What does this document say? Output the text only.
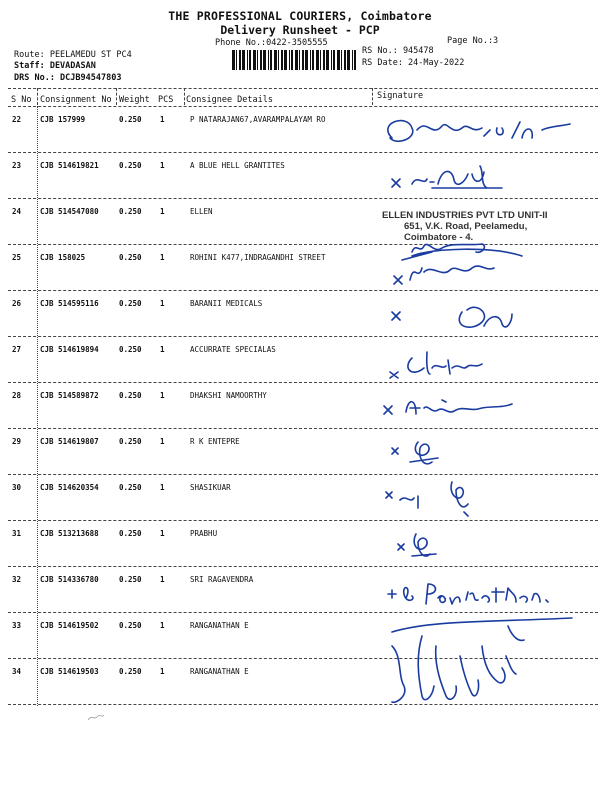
THE PROFESSIONAL COURIERS, Coimbatore
Delivery Runsheet - PCP
Phone No.:0422-3505555	Page No.:3
Route: PEELAMEDU ST PC4
Staff: DEVADASAN
DRS No.: DCJB94547803
RS No.: 945478
RS Date: 24-May-2022
S No Consignment No Weight PCS Consignee Details	Signature
22	CJB 157999	0.250 1	P NATARAJAN67,AVARAMPALAYAM RO
23	CJB 514619821	0.250 1	A BLUE HELL GRANTITES
24	CJB 514547080	0.250 1	ELLEN
25	CJB 158025	0.250 1	ROHINI K477,INDRAGANDHI STREET
26	CJB 514595116	0.250 1	BARANII MEDICALS
27	CJB 514619894	0.250 1	ACCURRATE SPECIALAS
28	CJB 514589872	0.250 1	DHAKSHI NAMOORTHY
29	CJB 514619807	0.250 1	R K ENTEPRE
30	CJB 514620354	0.250 1	SHASIKUAR
31	CJB 513213688	0.250 1	PRABHU
32	CJB 514336780	0.250 1	SRI RAGAVENDRA
33	CJB 514619502	0.250 1	RANGANATHAN E
34	CJB 514619503	0.250 1	RANGANATHAN E
ELLEN INDUSTRIES PVT LTD UNIT-II
651, V.K. Road, Peelamedu,
Coimbatore - 4.
